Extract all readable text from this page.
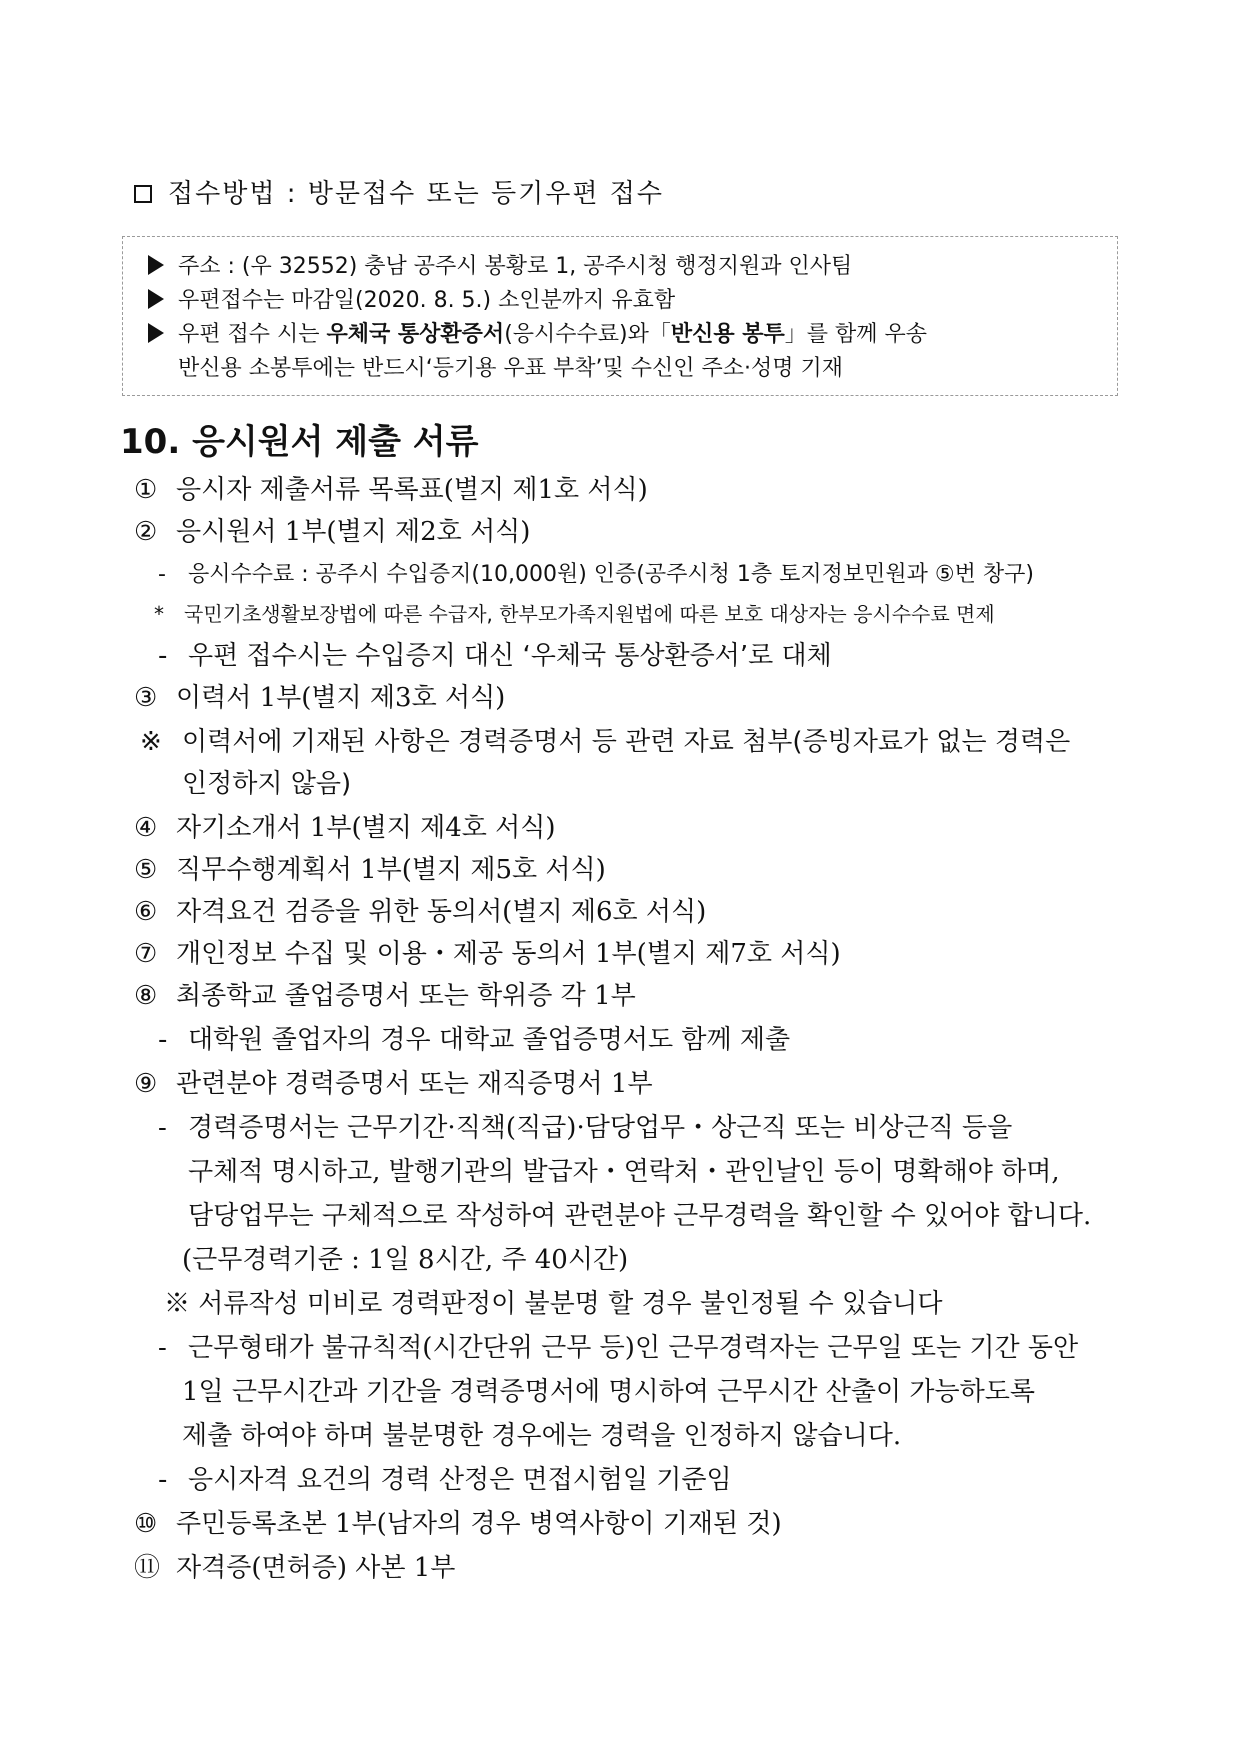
접수방법 : 방문접수 또는 등기우편 접수
주소 : (우 32552) 충남 공주시 봉황로 1, 공주시청 행정지원과 인사팀
우편접수는 마감일(2020. 8. 5.) 소인분까지 유효함
우편 접수 시는 우체국 통상환증서(응시수수료)와「반신용 봉투」를 함께 우송
반신용 소봉투에는 반드시‘등기용 우표 부착’및 수신인 주소·성명 기재
10. 응시원서 제출 서류
① 응시자 제출서류 목록표(별지 제1호 서식)
② 응시원서 1부(별지 제2호 서식)
- 응시수수료 : 공주시 수입증지(10,000원) 인증(공주시청 1층 토지정보민원과 ⑤번 창구)
* 국민기초생활보장법에 따른 수급자, 한부모가족지원법에 따른 보호 대상자는 응시수수료 면제
- 우편 접수시는 수입증지 대신 ‘우체국 통상환증서’로 대체
③ 이력서 1부(별지 제3호 서식)
※ 이력서에 기재된 사항은 경력증명서 등 관련 자료 첨부(증빙자료가 없는 경력은
인정하지 않음)
④ 자기소개서 1부(별지 제4호 서식)
⑤ 직무수행계획서 1부(별지 제5호 서식)
⑥ 자격요건 검증을 위한 동의서(별지 제6호 서식)
⑦ 개인정보 수집 및 이용・제공 동의서 1부(별지 제7호 서식)
⑧ 최종학교 졸업증명서 또는 학위증 각 1부
- 대학원 졸업자의 경우 대학교 졸업증명서도 함께 제출
⑨ 관련분야 경력증명서 또는 재직증명서 1부
- 경력증명서는 근무기간·직책(직급)·담당업무・상근직 또는 비상근직 등을
구체적 명시하고, 발행기관의 발급자・연락처・관인날인 등이 명확해야 하며,
담당업무는 구체적으로 작성하여 관련분야 근무경력을 확인할 수 있어야 합니다.
(근무경력기준 : 1일 8시간, 주 40시간)
※ 서류작성 미비로 경력판정이 불분명 할 경우 불인정될 수 있습니다
- 근무형태가 불규칙적(시간단위 근무 등)인 근무경력자는 근무일 또는 기간 동안
1일 근무시간과 기간을 경력증명서에 명시하여 근무시간 산출이 가능하도록
제출 하여야 하며 불분명한 경우에는 경력을 인정하지 않습니다.
- 응시자격 요건의 경력 산정은 면접시험일 기준임
⑩ 주민등록초본 1부(남자의 경우 병역사항이 기재된 것)
⑪ 자격증(면허증) 사본 1부
